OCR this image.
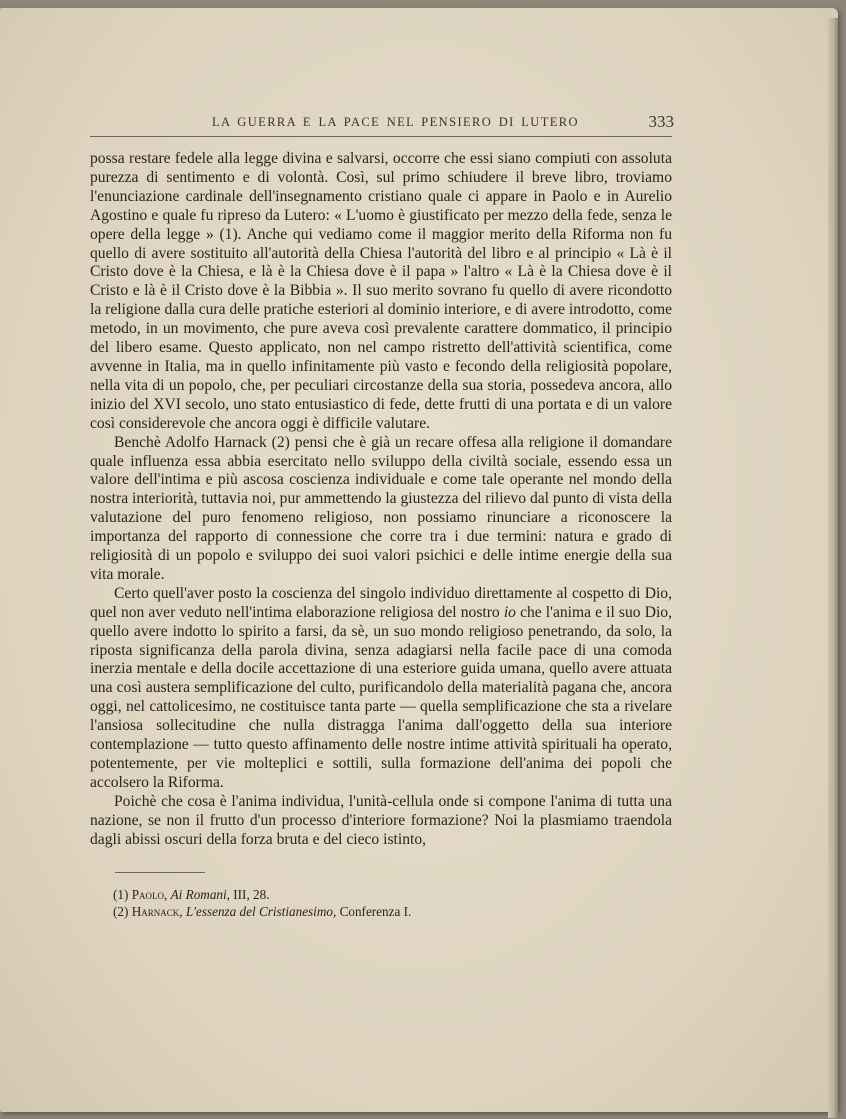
LA GUERRA E LA PACE NEL PENSIERO DI LUTERO	333

possa restare fedele alla legge divina e salvarsi, occorre che essi siano compiuti con assoluta purezza di sentimento e di volontà. Così, sul primo schiudere il breve libro, troviamo l'enunciazione cardinale dell'insegnamento cristiano quale ci appare in Paolo e in Aurelio Agostino e quale fu ripreso da Lutero: « L'uomo è giustificato per mezzo della fede, senza le opere della legge » (1). Anche qui vediamo come il maggior merito della Riforma non fu quello di avere sostituito all'autorità della Chiesa l'autorità del libro e al principio « Là è il Cristo dove è la Chiesa, e là è la Chiesa dove è il papa » l'altro « Là è la Chiesa dove è il Cristo e là è il Cristo dove è la Bibbia ». Il suo merito sovrano fu quello di avere ricondotto la religione dalla cura delle pratiche esteriori al dominio interiore, e di avere introdotto, come metodo, in un movimento, che pure aveva così prevalente carattere dommatico, il principio del libero esame. Questo applicato, non nel campo ristretto dell'attività scientifica, come avvenne in Italia, ma in quello infinitamente più vasto e fecondo della religiosità popolare, nella vita di un popolo, che, per peculiari circostanze della sua storia, possedeva ancora, allo inizio del XVI secolo, uno stato entusiastico di fede, dette frutti di una portata e di un valore così considerevole che ancora oggi è difficile valutare.

Benchè Adolfo Harnack (2) pensi che è già un recare offesa alla religione il domandare quale influenza essa abbia esercitato nello sviluppo della civiltà sociale, essendo essa un valore dell'intima e più ascosa coscienza individuale e come tale operante nel mondo della nostra interiorità, tuttavia noi, pur ammettendo la giustezza del rilievo dal punto di vista della valutazione del puro fenomeno religioso, non possiamo rinunciare a riconoscere la importanza del rapporto di connessione che corre tra i due termini: natura e grado di religiosità di un popolo e sviluppo dei suoi valori psichici e delle intime energie della sua vita morale.

Certo quell'aver posto la coscienza del singolo individuo direttamente al cospetto di Dio, quel non aver veduto nell'intima elaborazione religiosa del nostro io che l'anima e il suo Dio, quello avere indotto lo spirito a farsi, da sè, un suo mondo religioso penetrando, da solo, la riposta significanza della parola divina, senza adagiarsi nella facile pace di una comoda inerzia mentale e della docile accettazione di una esteriore guida umana, quello avere attuata una così austera semplificazione del culto, purificandolo della materialità pagana che, ancora oggi, nel cattolicesimo, ne costituisce tanta parte — quella semplificazione che sta a rivelare l'ansiosa sollecitudine che nulla distragga l'anima dall'oggetto della sua interiore contemplazione — tutto questo affinamento delle nostre intime attività spirituali ha operato, potentemente, per vie molteplici e sottili, sulla formazione dell'anima dei popoli che accolsero la Riforma.

Poichè che cosa è l'anima individua, l'unità-cellula onde si compone l'anima di tutta una nazione, se non il frutto d'un processo d'interiore formazione? Noi la plasmiamo traendola dagli abissi oscuri della forza bruta e del cieco istinto,

(1) Paolo, Ai Romani, III, 28.
(2) Harnack, L'essenza del Cristianesimo, Conferenza I.
